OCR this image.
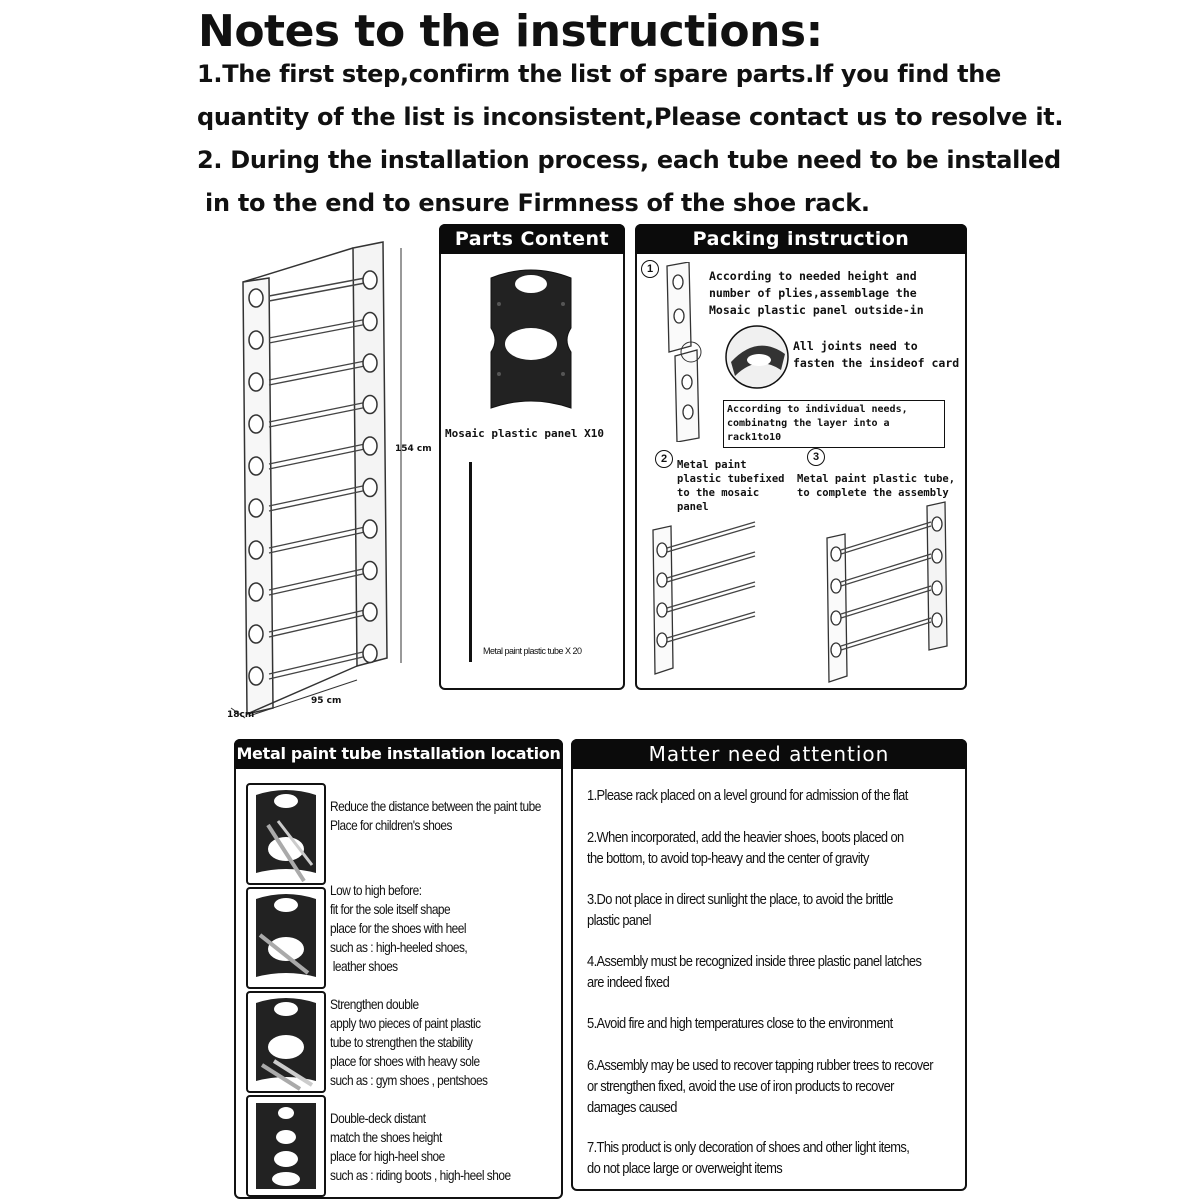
Notes to the instructions:
1.The first step,confirm the list of spare parts.If you find the
quantity of the list is inconsistent,Please contact us to resolve it.
2. During the installation process, each tube need to be installed
in to the end to ensure Firmness of the shoe rack.
154 cm
95 cm
18cm
Parts Content
Mosaic plastic panel X10
Metal paint plastic tube X 20
Packing instruction
1	According to needed height and number of plies,assemblage the Mosaic plastic panel outside-in
All joints need to fasten the insideof card
According to individual needs, combinatng the layer into a rack1to10
2 Metal paint plastic tubefixed to the mosaic panel
3
Metal paint plastic tube, to complete the assembly
Metal paint tube installation location
Reduce the distance between the paint tube
Place for children's shoes
Low to high before:
fit for the sole itself shape
place for the shoes with heel
such as : high-heeled shoes,
leather shoes
Strengthen double
apply two pieces of paint plastic
tube to strengthen the stability
place for shoes with heavy sole
such as : gym shoes , pentshoes
Double-deck distant
match the shoes height
place for high-heel shoe
such as : riding boots , high-heel shoe
Matter need attention
1.Please rack placed on a level ground for admission of the flat
2.When incorporated, add the heavier shoes, boots placed on
the bottom, to avoid top-heavy and the center of gravity
3.Do not place in direct sunlight the place, to avoid the brittle
plastic panel
4.Assembly must be recognized inside three plastic panel latches
are indeed fixed
5.Avoid fire and high temperatures close to the environment
6.Assembly may be used to recover tapping rubber trees to recover
or strengthen fixed, avoid the use of iron products to recover
damages caused
7.This product is only decoration of shoes and other light items,
do not place large or overweight items
